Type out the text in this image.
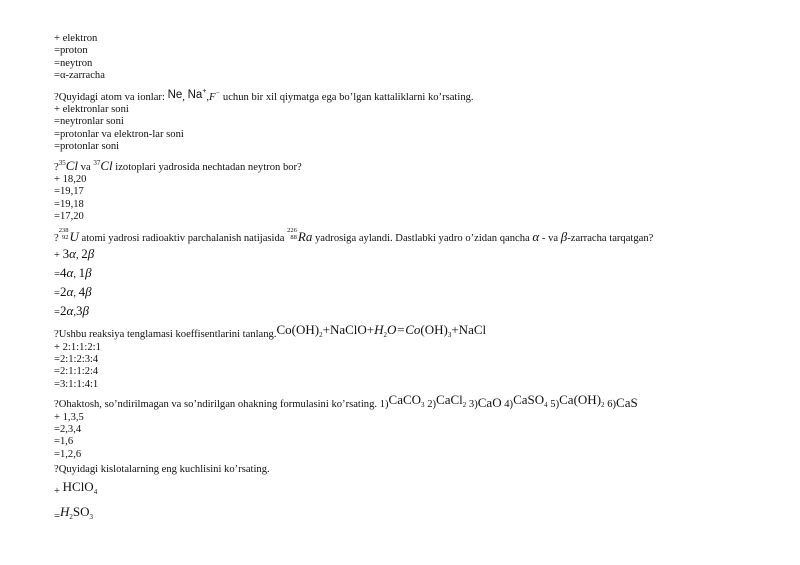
+ elektron
=proton
=neytron
=α-zarracha
?Quyidagi atom va ionlar: Ne, Na+,F− uchun bir xil qiymatga ega bo’lgan kattaliklarni ko’rsating.
+ elektronlar soni
=neytronlar soni
=protonlar va elektron-lar soni
=protonlar soni
?$^{35}$Cl va $^{37}$Cl izotoplari yadrosida nechtadan neytron bor?
+ 18,20
=19,17
=19,18
=17,20
?
238
92 U atomi yadrosi radioaktiv parchalanish natijasida
226
88 Ra yadrosiga aylandi. Dastlabki yadro o’zidan qancha α - va β-zarracha tarqatgan?
+ 3α, 2β
=4α, 1β
=2α, 4β
=2α,3β
?Ushbu reaksiya tenglamasi koeffisentlarini $tanlang.Co(OH)_2+NaClO+H_2O=Co(OH)_3+NaCl$
+ 2:1:1:2:1
=2:1:2:3:4
=2:1:1:2:4
=3:1:1:4:1
?Ohaktosh, so’ndirilmagan va so’ndirilgan ohakning formulasini ko’rsating. 1)CaCO$_3$ 2)CaCl$_2$ 3)CaO 4)CaSO$_4$ $5)Ca(OH)_2$ 6)CaS
+ 1,3,5
=2,3,4
=1,6
=1,2,6
?Quyidagi kislotalarning eng kuchlisini ko’rsating.
+ HClO$_4$
$=H_2SO_3$
